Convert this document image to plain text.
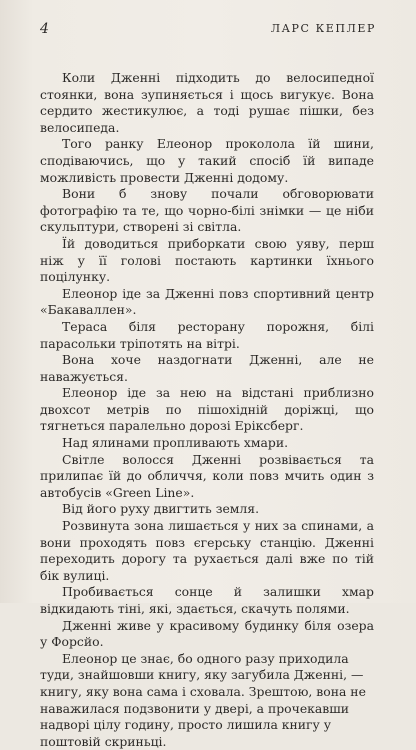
4	ЛАРС КЕПЛЕР

Коли Дженні підходить до велосипедної стоянки, вона зупиняється і щось вигукує. Вона сердито жестикулює, а тоді рушає пішки, без велосипеда.

Того ранку Елеонор проколола їй шини, сподіваючись, що у такий спосіб їй випаде можливість провести Дженні додому.

Вони б знову почали обговорювати фотографію та те, що чорно-білі знімки — це ніби скульптури, створені зі світла.

Їй доводиться приборкати свою уяву, перш ніж у її голові постають картинки їхнього поцілунку.

Елеонор іде за Дженні повз спортивний центр «Бакаваллен».

Тераса біля ресторану порожня, білі парасольки тріпотять на вітрі.

Вона хоче наздогнати Дженні, але не наважується.

Елеонор іде за нею на відстані приблизно двохсот метрів по пішохідній доріжці, що тягнеться паралельно дорозі Еріксберг.

Над ялинами пропливають хмари.

Світле волосся Дженні розвівається та прилипає їй до обличчя, коли повз мчить один з автобусів «Green Line».

Від його руху двигтить земля.

Розвинута зона лишається у них за спинами, а вони проходять повз єгерську станцію. Дженні переходить дорогу та рухається далі вже по тій бік вулиці.

Пробивається сонце й залишки хмар відкидають тіні, які, здається, скачуть полями.

Дженні живе у красивому будинку біля озера у Форсйо.

Елеонор це знає, бо одного разу приходила туди, знайшовши книгу, яку загубила Дженні, — книгу, яку вона сама і сховала. Зрештою, вона не наважилася подзвонити у двері, а прочекавши надворі цілу годину, просто лишила книгу у поштовій скриньці.
